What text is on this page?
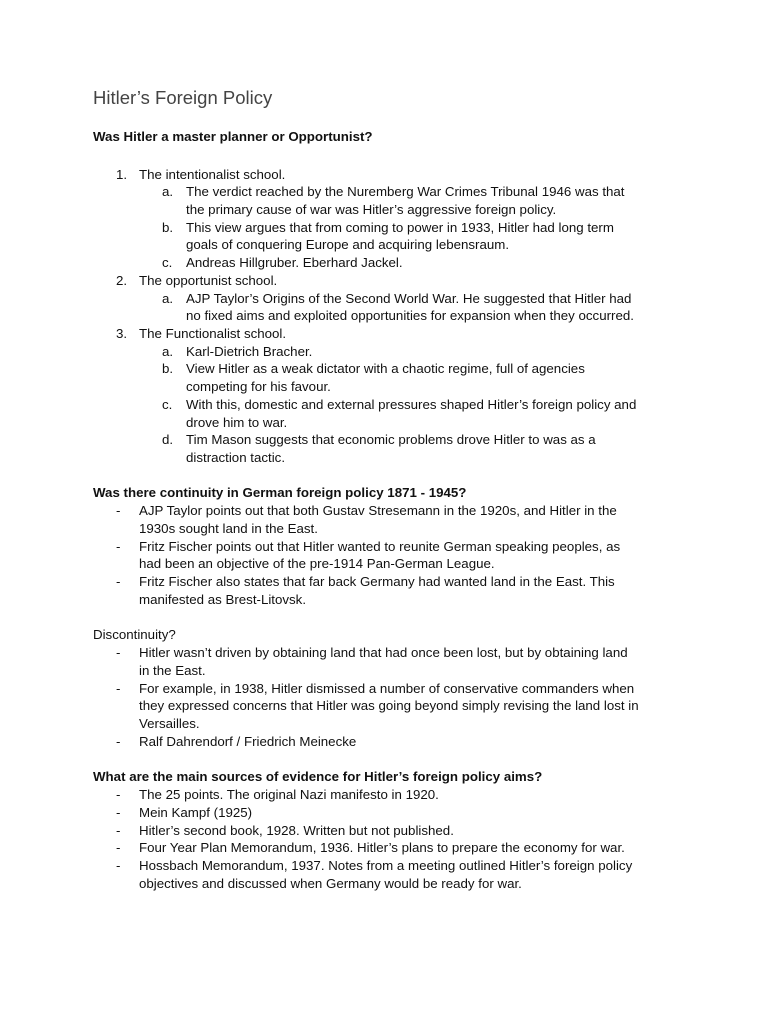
Hitler’s Foreign Policy

Was Hitler a master planner or Opportunist?

1. The intentionalist school.
a. The verdict reached by the Nuremberg War Crimes Tribunal 1946 was that
the primary cause of war was Hitler’s aggressive foreign policy.
b. This view argues that from coming to power in 1933, Hitler had long term
goals of conquering Europe and acquiring lebensraum.
c. Andreas Hillgruber. Eberhard Jackel.
2. The opportunist school.
a. AJP Taylor’s Origins of the Second World War. He suggested that Hitler had
no fixed aims and exploited opportunities for expansion when they occurred.
3. The Functionalist school.
a. Karl-Dietrich Bracher.
b. View Hitler as a weak dictator with a chaotic regime, full of agencies
competing for his favour.
c. With this, domestic and external pressures shaped Hitler’s foreign policy and
drove him to war.
d. Tim Mason suggests that economic problems drove Hitler to was as a
distraction tactic.

Was there continuity in German foreign policy 1871 - 1945?

- AJP Taylor points out that both Gustav Stresemann in the 1920s, and Hitler in the
1930s sought land in the East.
- Fritz Fischer points out that Hitler wanted to reunite German speaking peoples, as
had been an objective of the pre-1914 Pan-German League.
- Fritz Fischer also states that far back Germany had wanted land in the East. This
manifested as Brest-Litovsk.

Discontinuity?

- Hitler wasn’t driven by obtaining land that had once been lost, but by obtaining land
in the East.
- For example, in 1938, Hitler dismissed a number of conservative commanders when
they expressed concerns that Hitler was going beyond simply revising the land lost in
Versailles.
- Ralf Dahrendorf / Friedrich Meinecke

What are the main sources of evidence for Hitler’s foreign policy aims?

- The 25 points. The original Nazi manifesto in 1920.
- Mein Kampf (1925)
- Hitler’s second book, 1928. Written but not published.
- Four Year Plan Memorandum, 1936. Hitler’s plans to prepare the economy for war.
- Hossbach Memorandum, 1937. Notes from a meeting outlined Hitler’s foreign policy
objectives and discussed when Germany would be ready for war.
